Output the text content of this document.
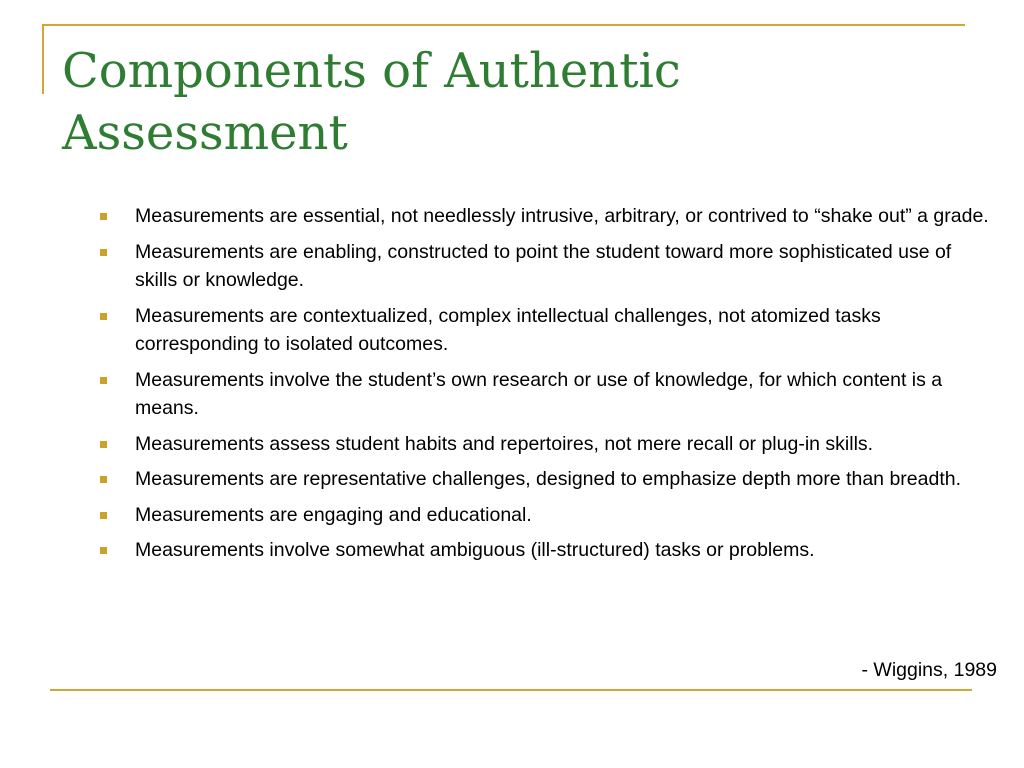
Components of Authentic
Assessment
Measurements are essential, not needlessly intrusive, arbitrary, or contrived to “shake out” a grade.
Measurements are enabling, constructed to point the student toward more sophisticated use of skills or knowledge.
Measurements are contextualized, complex intellectual challenges, not atomized tasks corresponding to isolated outcomes.
Measurements involve the student’s own research or use of knowledge, for which content is a means.
Measurements assess student habits and repertoires, not mere recall or plug-in skills.
Measurements are representative challenges, designed to emphasize depth more than breadth.
Measurements are engaging and educational.
Measurements involve somewhat ambiguous (ill-structured) tasks or problems.
- Wiggins, 1989
